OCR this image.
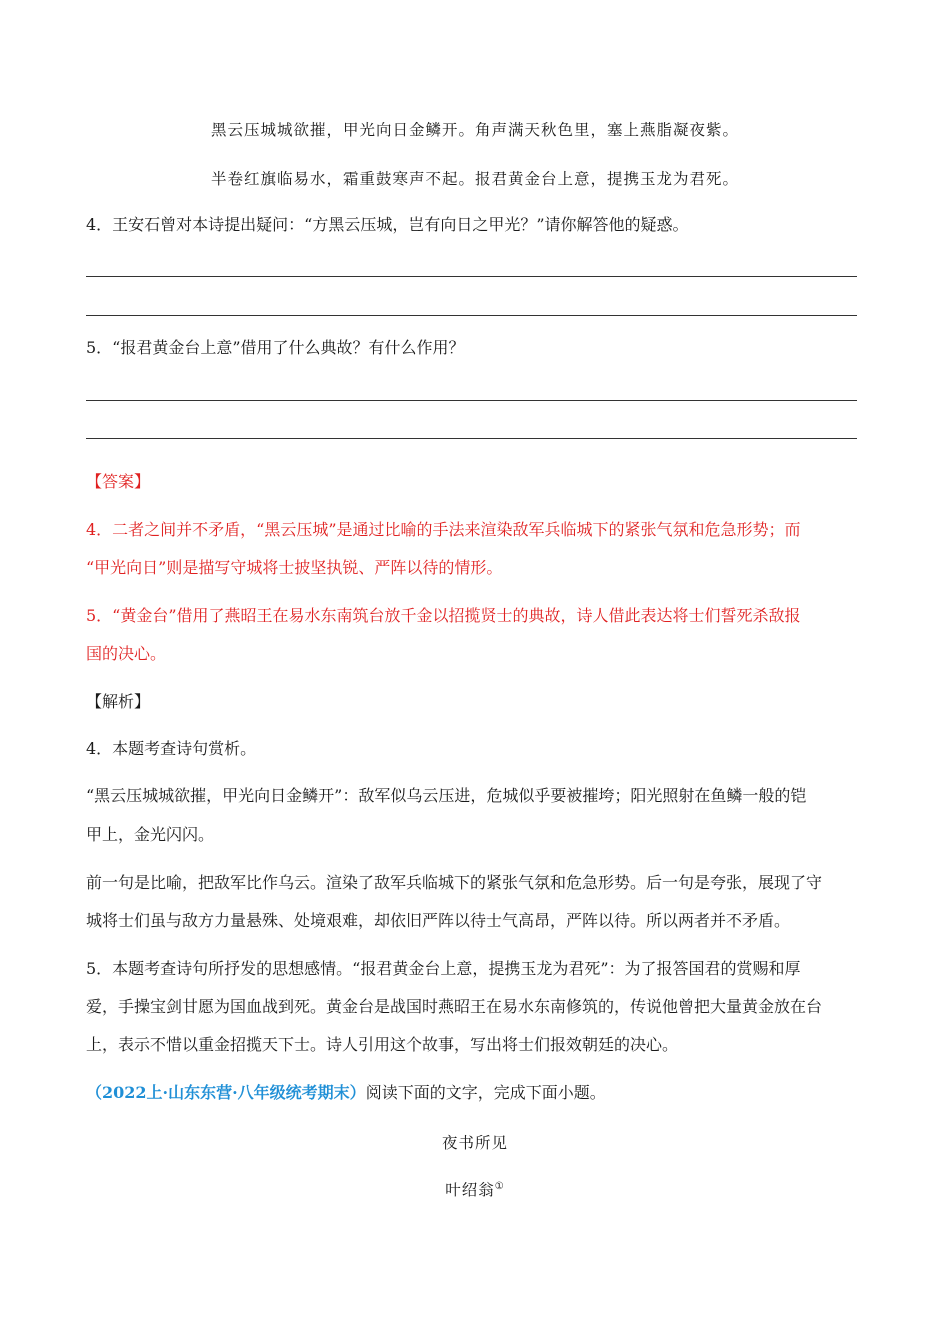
黑云压城城欲摧，甲光向日金鳞开。角声满天秋色里，塞上燕脂凝夜紫。
半卷红旗临易水，霜重鼓寒声不起。报君黄金台上意，提携玉龙为君死。
4．王安石曾对本诗提出疑问：“方黑云压城，岂有向日之甲光？”请你解答他的疑惑。
5．“报君黄金台上意”借用了什么典故？有什么作用？
【答案】
4．二者之间并不矛盾，“黑云压城”是通过比喻的手法来渲染敌军兵临城下的紧张气氛和危急形势；而
“甲光向日”则是描写守城将士披坚执锐、严阵以待的情形。
5．“黄金台”借用了燕昭王在易水东南筑台放千金以招揽贤士的典故，诗人借此表达将士们誓死杀敌报
国的决心。
【解析】
4．本题考查诗句赏析。
“黑云压城城欲摧，甲光向日金鳞开”：敌军似乌云压进，危城似乎要被摧垮；阳光照射在鱼鳞一般的铠
甲上，金光闪闪。
前一句是比喻，把敌军比作乌云。渲染了敌军兵临城下的紧张气氛和危急形势。后一句是夸张，展现了守
城将士们虽与敌方力量悬殊、处境艰难，却依旧严阵以待士气高昂，严阵以待。所以两者并不矛盾。
5．本题考查诗句所抒发的思想感情。“报君黄金台上意，提携玉龙为君死”：为了报答国君的赏赐和厚
爱，手操宝剑甘愿为国血战到死。黄金台是战国时燕昭王在易水东南修筑的，传说他曾把大量黄金放在台
上，表示不惜以重金招揽天下士。诗人引用这个故事，写出将士们报效朝廷的决心。
（2022上·山东东营·八年级统考期末）阅读下面的文字，完成下面小题。
夜书所见
叶绍翁①
